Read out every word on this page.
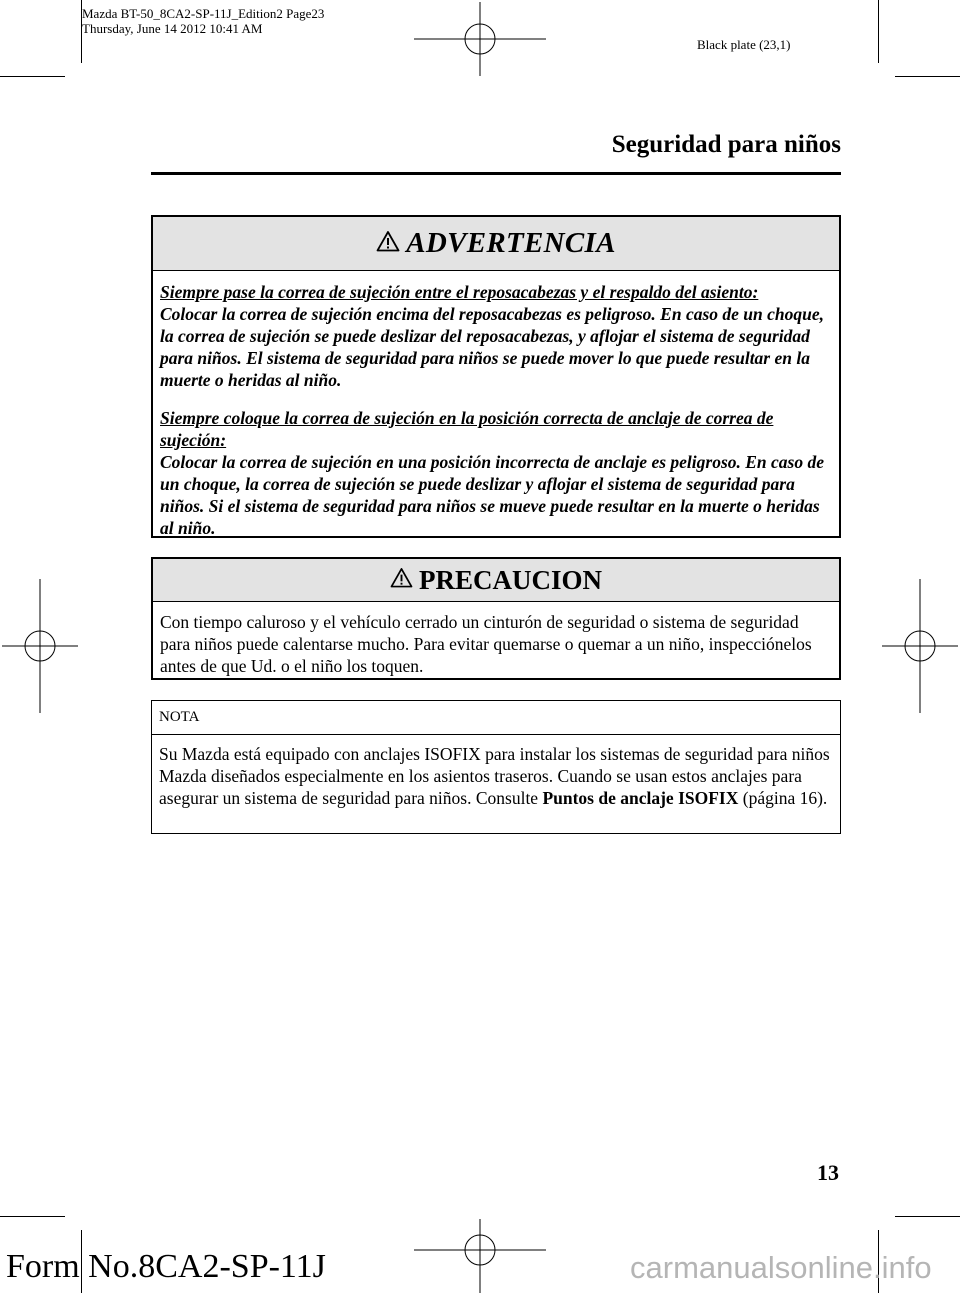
Mazda BT-50_8CA2-SP-11J_Edition2 Page23
Thursday, June 14 2012 10:41 AM
Black plate (23,1)
Seguridad para niños
ADVERTENCIA

Siempre pase la correa de sujeción entre el reposacabezas y el respaldo del asiento:
Colocar la correa de sujeción encima del reposacabezas es peligroso. En caso de un choque, la correa de sujeción se puede deslizar del reposacabezas, y aflojar el sistema de seguridad para niños. El sistema de seguridad para niños se puede mover lo que puede resultar en la muerte o heridas al niño.

Siempre coloque la correa de sujeción en la posición correcta de anclaje de correa de sujeción:
Colocar la correa de sujeción en una posición incorrecta de anclaje es peligroso. En caso de un choque, la correa de sujeción se puede deslizar y aflojar el sistema de seguridad para niños. Si el sistema de seguridad para niños se mueve puede resultar en la muerte o heridas al niño.

PRECAUCION
Con tiempo caluroso y el vehículo cerrado un cinturón de seguridad o sistema de seguridad para niños puede calentarse mucho. Para evitar quemarse o quemar a un niño, inspecciónelos antes de que Ud. o el niño los toquen.
NOTA
Su Mazda está equipado con anclajes ISOFIX para instalar los sistemas de seguridad para niños Mazda diseñados especialmente en los asientos traseros. Cuando se usan estos anclajes para asegurar un sistema de seguridad para niños. Consulte Puntos de anclaje ISOFIX (página 16).
13
Form No.8CA2-SP-11J	carmanualsonline.info
